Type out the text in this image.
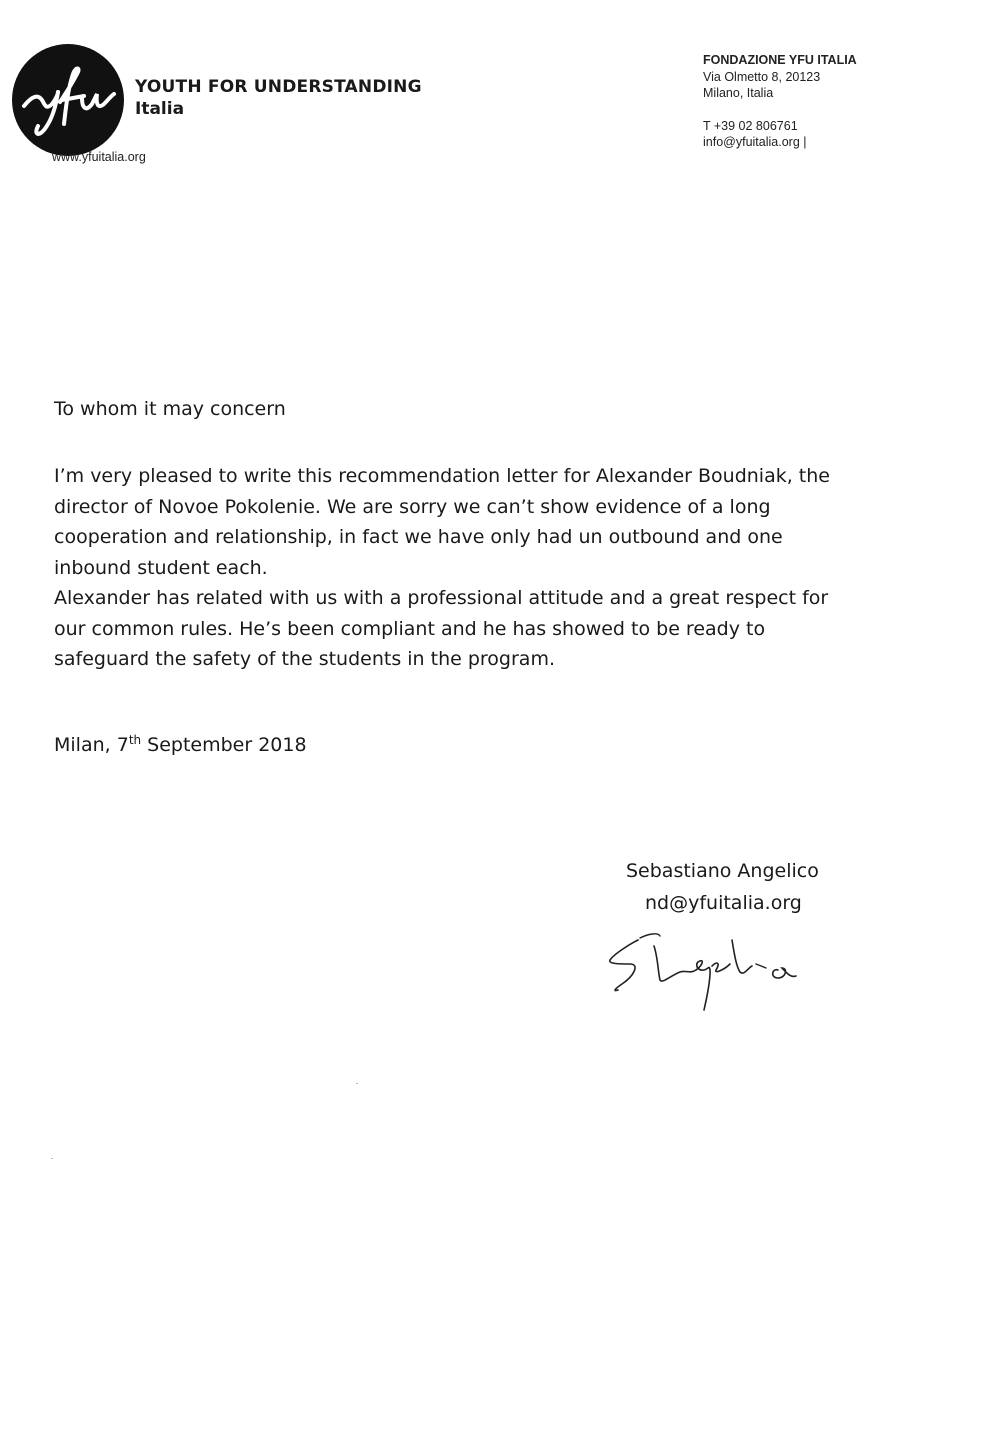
YOUTH FOR UNDERSTANDING
Italia
www.yfuitalia.org
FONDAZIONE YFU ITALIA
Via Olmetto 8, 20123
Milano, Italia
T +39 02 806761
info@yfuitalia.org |
To whom it may concern
I’m very pleased to write this recommendation letter for Alexander Boudniak, the
director of Novoe Pokolenie. We are sorry we can’t show evidence of a long
cooperation and relationship, in fact we have only had un outbound and one
inbound student each.
Alexander has related with us with a professional attitude and a great respect for
our common rules. He’s been compliant and he has showed to be ready to
safeguard the safety of the students in the program.
Milan, 7th September 2018
Sebastiano Angelico
nd@yfuitalia.org
